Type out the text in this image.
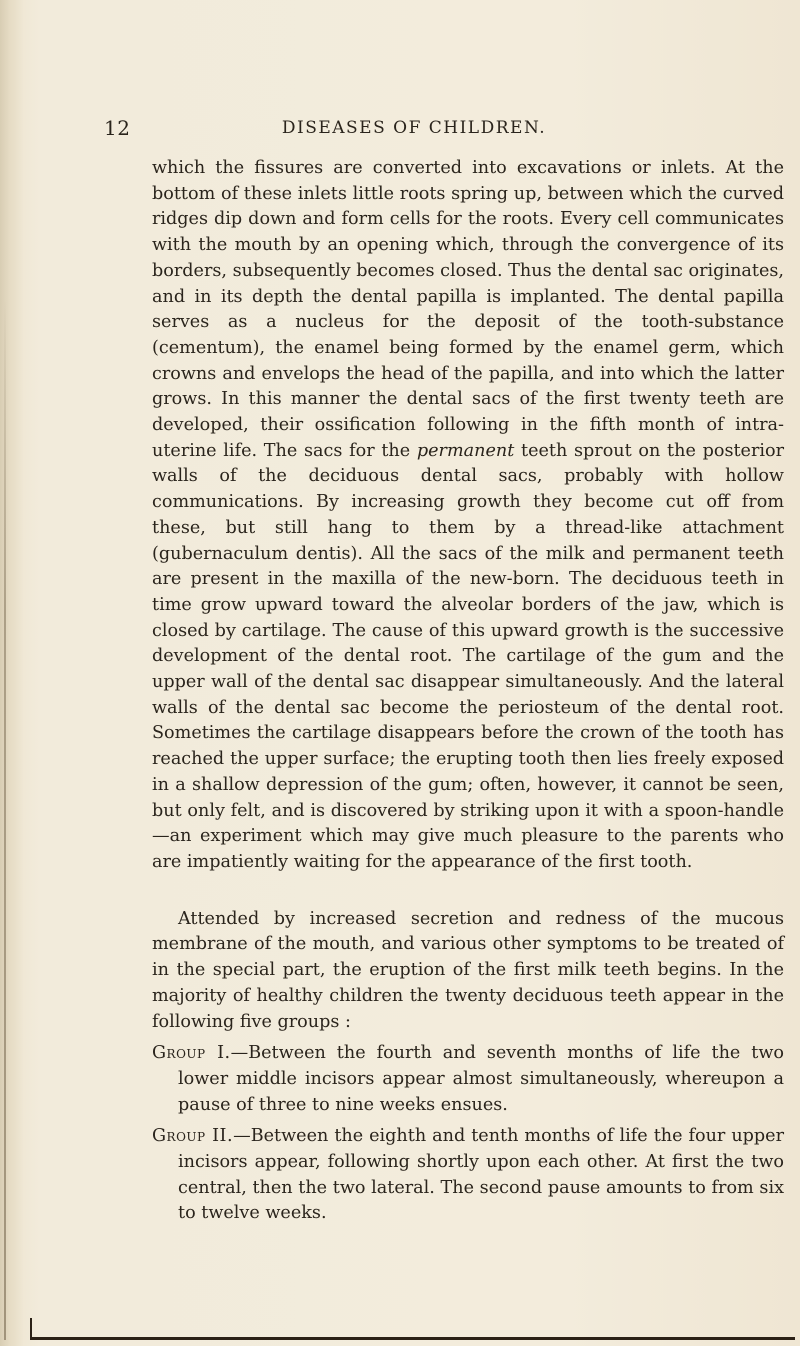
12	DISEASES OF CHILDREN.

which the fissures are converted into excavations or inlets. At the bottom of these inlets little roots spring up, between which the curved ridges dip down and form cells for the roots. Every cell communicates with the mouth by an opening which, through the convergence of its borders, subsequently becomes closed. Thus the dental sac originates, and in its depth the dental papilla is implanted. The dental papilla serves as a nucleus for the deposit of the tooth-substance (cementum), the enamel being formed by the enamel germ, which crowns and envelops the head of the papilla, and into which the latter grows. In this manner the dental sacs of the first twenty teeth are developed, their ossification following in the fifth month of intra-uterine life. The sacs for the permanent teeth sprout on the posterior walls of the deciduous dental sacs, probably with hollow communications. By increasing growth they become cut off from these, but still hang to them by a thread-like attachment (gubernaculum dentis). All the sacs of the milk and permanent teeth are present in the maxilla of the new-born. The deciduous teeth in time grow upward toward the alveolar borders of the jaw, which is closed by cartilage. The cause of this upward growth is the successive development of the dental root. The cartilage of the gum and the upper wall of the dental sac disappear simultaneously. And the lateral walls of the dental sac become the periosteum of the dental root. Sometimes the cartilage disappears before the crown of the tooth has reached the upper surface; the erupting tooth then lies freely exposed in a shallow depression of the gum; often, however, it cannot be seen, but only felt, and is discovered by striking upon it with a spoon-handle—an experiment which may give much pleasure to the parents who are impatiently waiting for the appearance of the first tooth.

Attended by increased secretion and redness of the mucous membrane of the mouth, and various other symptoms to be treated of in the special part, the eruption of the first milk teeth begins. In the majority of healthy children the twenty deciduous teeth appear in the following five groups :

Group I.—Between the fourth and seventh months of life the two lower middle incisors appear almost simultaneously, whereupon a pause of three to nine weeks ensues.

Group II.—Between the eighth and tenth months of life the four upper incisors appear, following shortly upon each other. At first the two central, then the two lateral. The second pause amounts to from six to twelve weeks.
